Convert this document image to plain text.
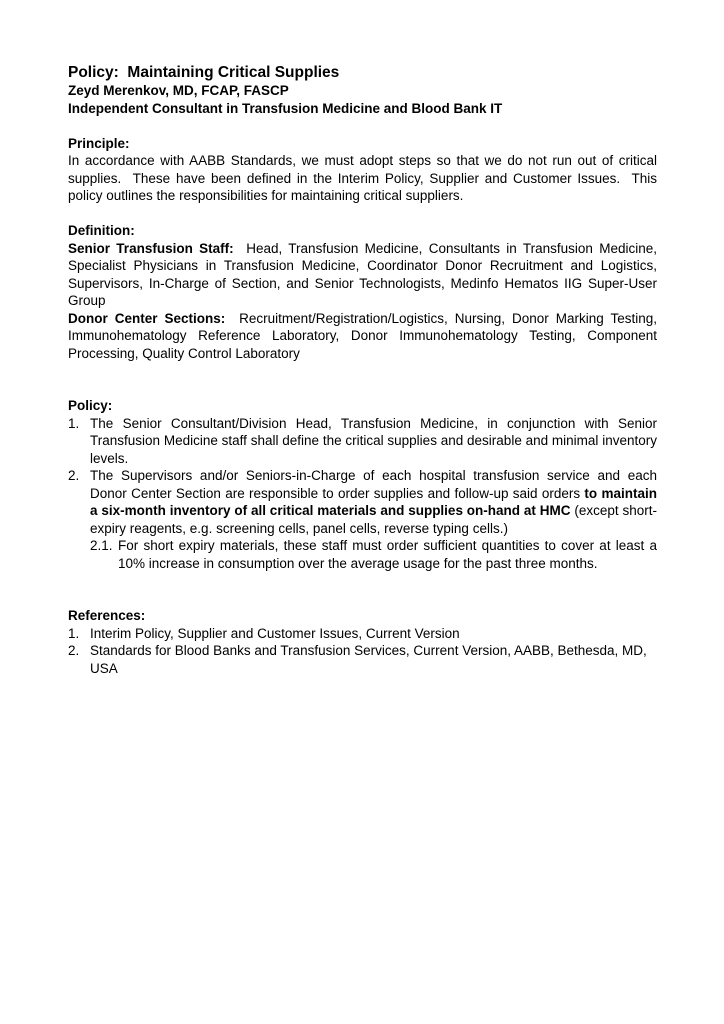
Policy:  Maintaining Critical Supplies
Zeyd Merenkov, MD, FCAP, FASCP
Independent Consultant in Transfusion Medicine and Blood Bank IT
Principle:
In accordance with AABB Standards, we must adopt steps so that we do not run out of critical supplies.  These have been defined in the Interim Policy, Supplier and Customer Issues.  This policy outlines the responsibilities for maintaining critical suppliers.
Definition:
Senior Transfusion Staff:  Head, Transfusion Medicine, Consultants in Transfusion Medicine, Specialist Physicians in Transfusion Medicine, Coordinator Donor Recruitment and Logistics, Supervisors, In-Charge of Section, and Senior Technologists, Medinfo Hematos IIG Super-User Group
Donor Center Sections:  Recruitment/Registration/Logistics, Nursing, Donor Marking Testing, Immunohematology Reference Laboratory, Donor Immunohematology Testing, Component Processing, Quality Control Laboratory
Policy:
1. The Senior Consultant/Division Head, Transfusion Medicine, in conjunction with Senior Transfusion Medicine staff shall define the critical supplies and desirable and minimal inventory levels.
2. The Supervisors and/or Seniors-in-Charge of each hospital transfusion service and each Donor Center Section are responsible to order supplies and follow-up said orders to maintain a six-month inventory of all critical materials and supplies on-hand at HMC (except short-expiry reagents, e.g. screening cells, panel cells, reverse typing cells.)
2.1. For short expiry materials, these staff must order sufficient quantities to cover at least a 10% increase in consumption over the average usage for the past three months.
References:
1. Interim Policy, Supplier and Customer Issues, Current Version
2. Standards for Blood Banks and Transfusion Services, Current Version, AABB, Bethesda, MD, USA
